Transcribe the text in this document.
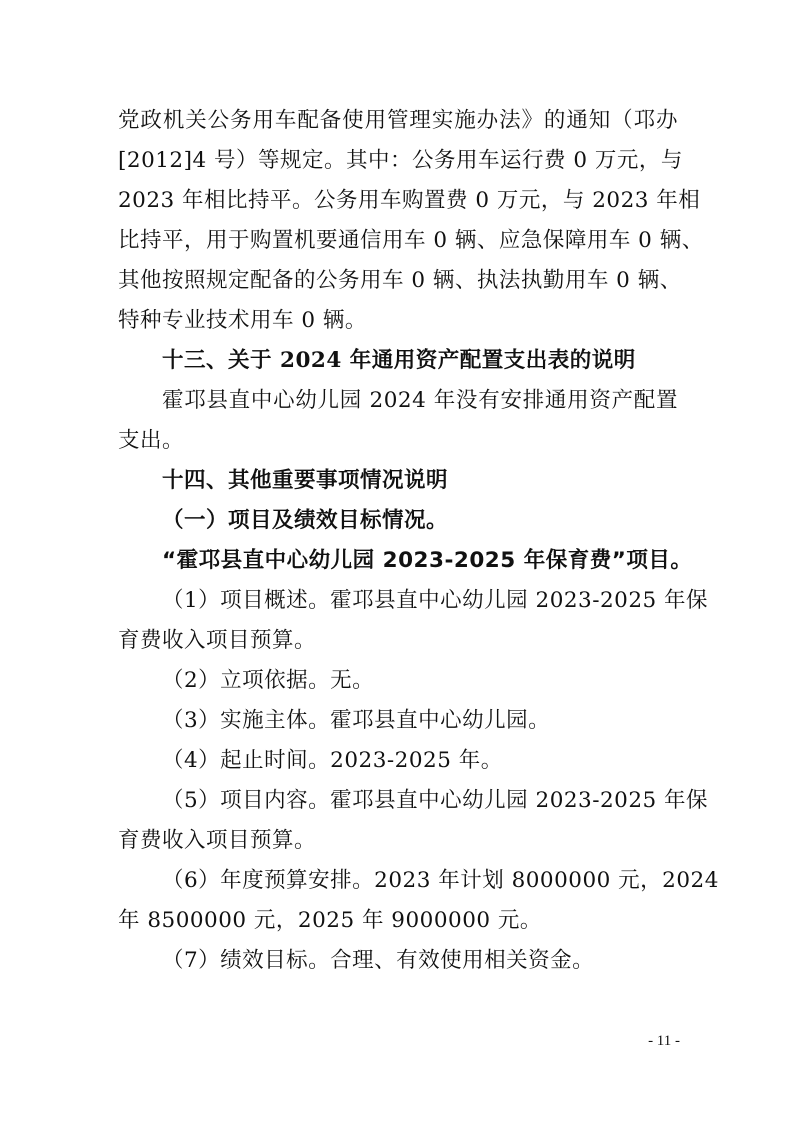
党政机关公务用车配备使用管理实施办法》的通知（邛办
[2012]4 号）等规定。其中：公务用车运行费 0 万元，与
2023 年相比持平。公务用车购置费 0 万元，与 2023 年相
比持平，用于购置机要通信用车 0 辆、应急保障用车 0 辆、
其他按照规定配备的公务用车 0 辆、执法执勤用车 0 辆、
特种专业技术用车 0 辆。
十三、关于 2024 年通用资产配置支出表的说明
霍邛县直中心幼儿园 2024 年没有安排通用资产配置
支出。
十四、其他重要事项情况说明
（一）项目及绩效目标情况。
“霍邛县直中心幼儿园 2023-2025 年保育费”项目。
（1）项目概述。霍邛县直中心幼儿园 2023-2025 年保
育费收入项目预算。
（2）立项依据。无。
（3）实施主体。霍邛县直中心幼儿园。
（4）起止时间。2023-2025 年。
（5）项目内容。霍邛县直中心幼儿园 2023-2025 年保
育费收入项目预算。
（6）年度预算安排。2023 年计划 8000000 元，2024
年 8500000 元，2025 年 9000000 元。
（7）绩效目标。合理、有效使用相关资金。
- 11 -
